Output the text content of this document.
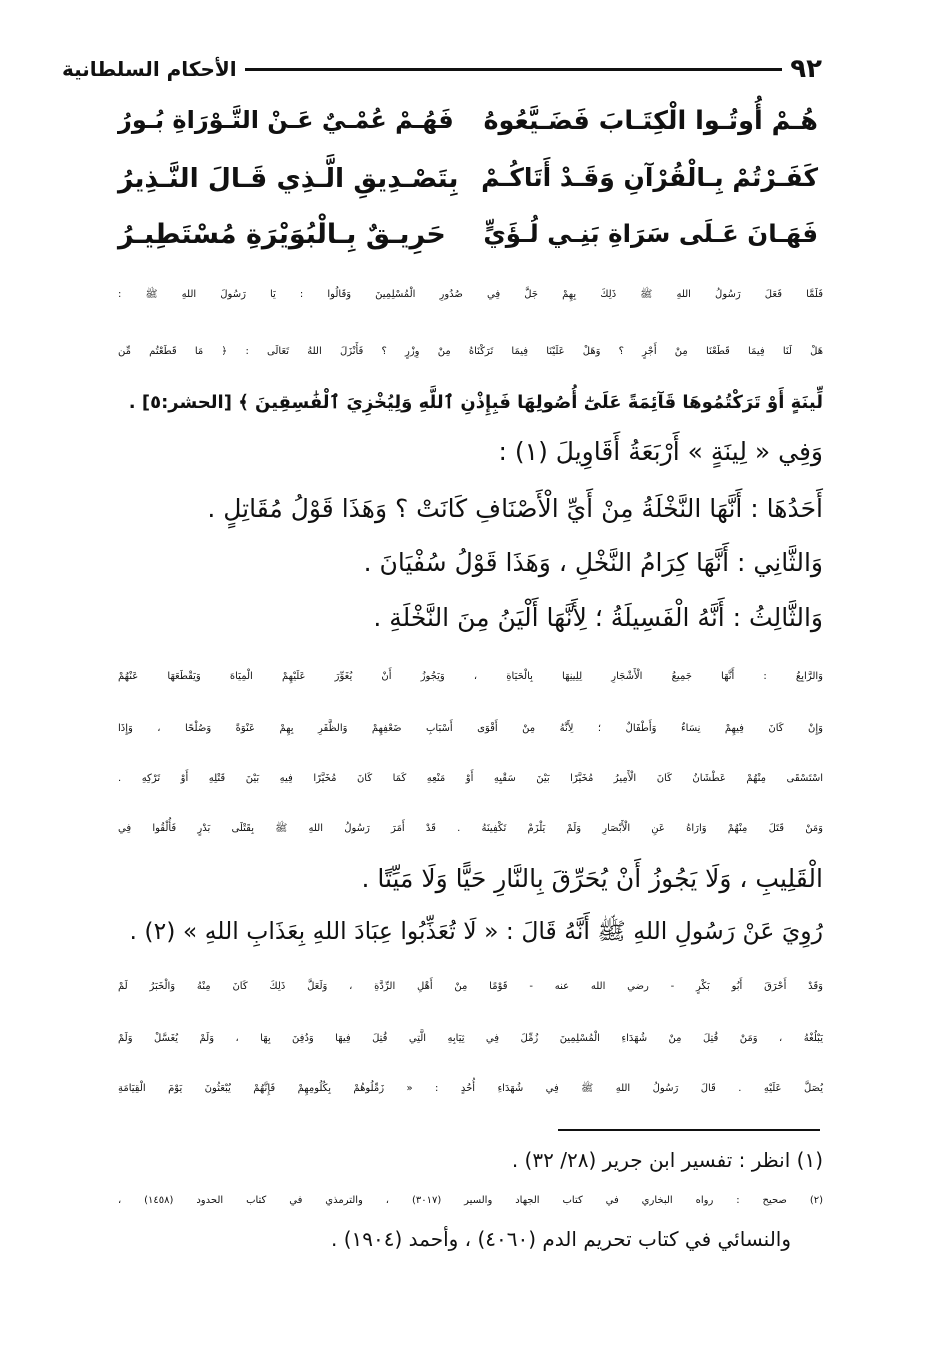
٩٢
الأحكام السلطانية
هُـمْ أُوتُـوا الْكِتَـابَ فَضَـيَّعُوهُ
فَهُـمْ عُمْـيٌ عَـنْ التَّـوْرَاةِ بُـورُ
كَفَـرْتُمْ بِـالْقُرْآنِ وَقَـدْ أَتَاكُـمْ
بِتَصْـدِيقِ الَّـذِي قَـالَ النَّـذِيرُ
فَهَـانَ عَـلَى سَرَاةِ بَنِـي لُـؤَيٍّ
حَرِيـقٌ بِـالْبُوَيْرَةِ مُسْتَطِيـرُ
فَلَمَّا فَعَلَ رَسُولُ اللهِ ﷺ ذَلِكَ بِهِمْ جَلَّ فِي صُدُورِ الْمُسْلِمِينَ وَقَالُوا : يَا رَسُولَ اللهِ ﷺ :
هَلْ لَنَا فِيمَا قَطَعْنَا مِنْ أَجْرٍ ؟ وَهَلْ عَلَيْنَا فِيمَا تَرَكْنَاهُ مِنْ وِزْرٍ ؟ فَأَنْزَلَ اللهُ تَعَالَى : ﴿ مَا قَطَعْتُم مِّن
لِّينَةٍ أَوْ تَرَكْتُمُوهَا قَآئِمَةً عَلَىٰٓ أُصُولِهَا فَبِإِذْنِ ٱللَّهِ وَلِيُخْزِيَ ٱلْفَٰسِقِينَ ﴾ [الحشر:٥] .
وَفِي « لِينَةٍ » أَرْبَعَةُ أَقَاوِيلَ (١) :
أَحَدُهَا : أَنَّهَا النَّخْلَةُ مِنْ أَيِّ الْأَصْنَافِ كَانَتْ ؟ وَهَذَا قَوْلُ مُقَاتِلٍ .
وَالثَّانِي : أَنَّهَا كِرَامُ النَّخْلِ ، وَهَذَا قَوْلُ سُفْيَانَ .
وَالثَّالِثُ : أَنَّهُ الْفَسِيلَةُ ؛ لِأَنَّهَا أَلْيَنُ مِنَ النَّخْلَةِ .
وَالرَّابِعُ : أَنَّهَا جَمِيعُ الْأَشْجَارِ لِلِينِهَا بِالْحَيَاةِ ، وَيَجُوزُ أَنْ يُغَوِّرَ عَلَيْهِمْ الْمِيَاهَ وَيَقْطَعَهَا عَنْهُمْ
وَإِنْ كَانَ فِيهِمْ نِسَاءٌ وَأَطْفَالٌ ؛ لِأَنَّهُ مِنْ أَقْوَى أَسْبَابِ ضَعْفِهِمْ وَالظَّفَرِ بِهِمْ عَنْوَةً وَصُلْحًا ، وَإِذَا
اسْتَسْقَى مِنْهُمْ عَطْشَانُ كَانَ الْأَمِيرُ مُخَيَّرًا بَيْنَ سَقْيِهِ أَوْ مَنْعِهِ كَمَا كَانَ مُخَيَّرًا فِيهِ بَيْنَ قَتْلِهِ أَوْ تَرْكِهِ .
وَمَنْ قَتَلَ مِنْهُمْ وَارَاهُ عَنِ الْأَبْصَارِ وَلَمْ يَلْزَمْ تَكْفِينَهُ . قَدْ أَمَرَ رَسُولُ اللهِ ﷺ بِقَتْلَى بَدْرٍ فَأُلْقُوا فِي
الْقَلِيبِ ، وَلَا يَجُوزُ أَنْ يُحَرِّقَ بِالنَّارِ حَيًّا وَلَا مَيِّتًا .
رُوِيَ عَنْ رَسُولِ اللهِ ﷺ أَنَّهُ قَالَ : « لَا تُعَذِّبُوا عِبَادَ اللهِ بِعَذَابِ اللهِ » (٢) .
وَقَدْ أَحْرَقَ أَبُو بَكْرٍ - رضي الله عنه - قَوْمًا مِنْ أَهْلِ الرِّدَّةِ ، وَلَعَلَّ ذَلِكَ كَانَ مِنْهُ وَالْخَبَرُ لَمْ
يَبْلُغْهُ ، وَمَنْ قُتِلَ مِنْ شُهَدَاءِ الْمُسْلِمِينَ زُمِّلَ فِي ثِيَابِهِ الَّتِي قُتِلَ فِيهَا وَدُفِنَ بِهَا ، وَلَمْ يُغَسَّلْ وَلَمْ
يُصَلَّ عَلَيْهِ . قَالَ رَسُولُ اللهِ ﷺ فِي شُهَدَاءِ أُحُدٍ : « زَمِّلُوهُمْ بِكُلُومِهِمْ فَإِنَّهُمْ يُبْعَثُونَ يَوْمَ الْقِيَامَةِ
(١) انظر : تفسير ابن جرير (٢٨/ ٣٢) .
(٢) صحيح : رواه البخاري في كتاب الجهاد والسير (٣٠١٧) ، والترمذي في كتاب الحدود (١٤٥٨) ،
والنسائي في كتاب تحريم الدم (٤٠٦٠) ، وأحمد (١٩٠٤) .
